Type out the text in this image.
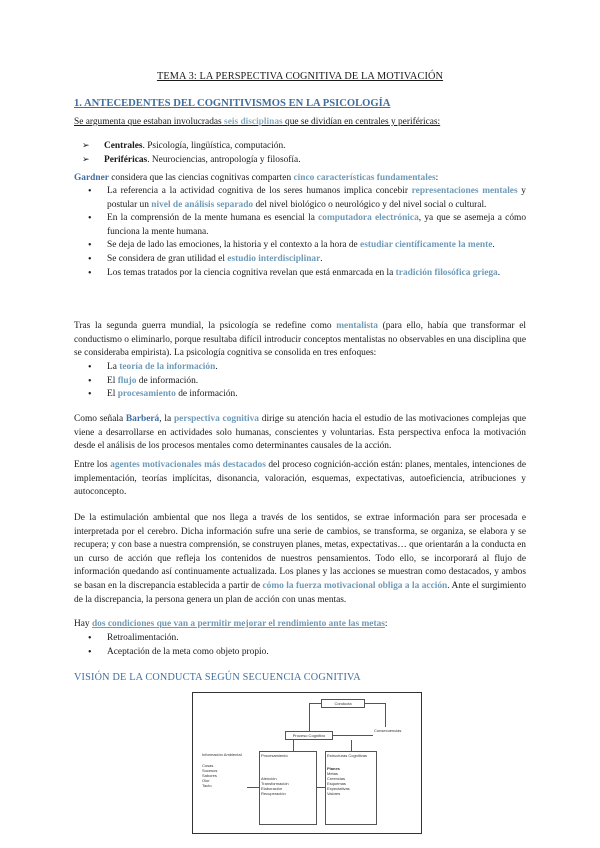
TEMA 3: LA PERSPECTIVA COGNITIVA DE LA MOTIVACIÓN
1. ANTECEDENTES DEL COGNITIVISMOS EN LA PSICOLOGÍA
Se argumenta que estaban involucradas seis disciplinas que se dividían en centrales y periféricas:
➢ Centrales. Psicología, lingüística, computación.
➢ Periféricas. Neurociencias, antropología y filosofía.
Gardner considera que las ciencias cognitivas comparten cinco características fundamentales:
• La referencia a la actividad cognitiva de los seres humanos implica concebir representaciones mentales y postular un nivel de análisis separado del nivel biológico o neurológico y del nivel social o cultural.
• En la comprensión de la mente humana es esencial la computadora electrónica, ya que se asemeja a cómo funciona la mente humana.
• Se deja de lado las emociones, la historia y el contexto a la hora de estudiar científicamente la mente.
• Se considera de gran utilidad el estudio interdisciplinar.
• Los temas tratados por la ciencia cognitiva revelan que está enmarcada en la tradición filosófica griega.
Tras la segunda guerra mundial, la psicología se redefine como mentalista (para ello, había que transformar el conductismo o eliminarlo, porque resultaba difícil introducir conceptos mentalistas no observables en una disciplina que se consideraba empirista). La psicología cognitiva se consolida en tres enfoques:
• La teoría de la información.
• El flujo de información.
• El procesamiento de información.
Como señala Barberá, la perspectiva cognitiva dirige su atención hacia el estudio de las motivaciones complejas que viene a desarrollarse en actividades solo humanas, conscientes y voluntarias. Esta perspectiva enfoca la motivación desde el análisis de los procesos mentales como determinantes causales de la acción.
Entre los agentes motivacionales más destacados del proceso cognición-acción están: planes, mentales, intenciones de implementación, teorías implícitas, disonancia, valoración, esquemas, expectativas, autoeficiencia, atribuciones y autoconcepto.
De la estimulación ambiental que nos llega a través de los sentidos, se extrae información para ser procesada e interpretada por el cerebro. Dicha información sufre una serie de cambios, se transforma, se organiza, se elabora y se recupera; y con base a nuestra comprensión, se construyen planes, metas, expectativas… que orientarán a la conducta en un curso de acción que refleja los contenidos de nuestros pensamientos. Todo ello, se incorporará al flujo de información quedando así continuamente actualizada. Los planes y las acciones se muestran como destacados, y ambos se basan en la discrepancia establecida a partir de cómo la fuerza motivacional obliga a la acción. Ante el surgimiento de la discrepancia, la persona genera un plan de acción con unas mentas.
Hay dos condiciones que van a permitir mejorar el rendimiento ante las metas:
• Retroalimentación.
• Aceptación de la meta como objeto propio.
VISIÓN DE LA CONDUCTA SEGÚN SECUENCIA COGNITIVA
Conducta
Proceso Cognitivo
Consecuencias
Información Ambiental
Cosas
Sucesos
Sabores
Olor
Tacto
Procesamiento
Atención
Transformación
Elaboración
Recuperación
Estructuras Cognitivas
Planes
Metas
Creencias
Esquemas
Expectativas
Valores
